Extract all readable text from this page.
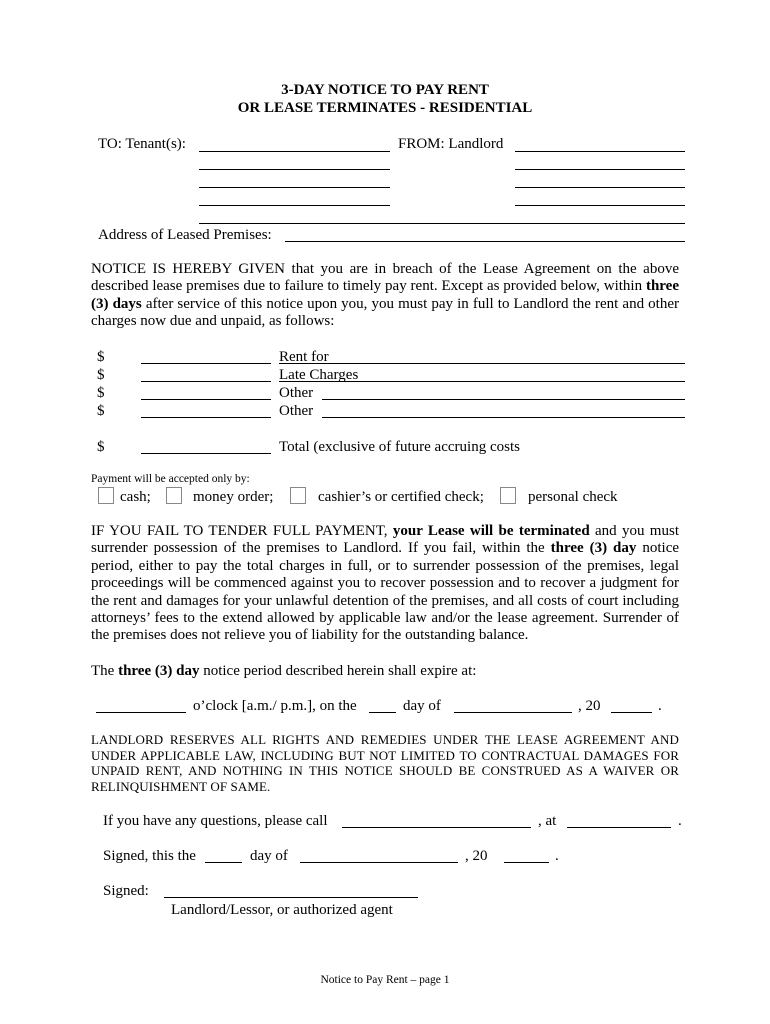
3-DAY NOTICE TO PAY RENT
OR LEASE TERMINATES - RESIDENTIAL
TO: Tenant(s):	FROM: Landlord
Address of Leased Premises:
NOTICE IS HEREBY GIVEN that you are in breach of the Lease Agreement on the above described lease premises due to failure to timely pay rent. Except as provided below, within three (3) days after service of this notice upon you, you must pay in full to Landlord the rent and other charges now due and unpaid, as follows:
$	Rent for
$	Late Charges
$	Other
$	Other
$	Total (exclusive of future accruing costs
Payment will be accepted only by:
cash;	money order;	cashier’s or certified check;	personal check
IF YOU FAIL TO TENDER FULL PAYMENT, your Lease will be terminated and you must surrender possession of the premises to Landlord. If you fail, within the three (3) day notice period, either to pay the total charges in full, or to surrender possession of the premises, legal proceedings will be commenced against you to recover possession and to recover a judgment for the rent and damages for your unlawful detention of the premises, and all costs of court including attorneys’ fees to the extend allowed by applicable law and/or the lease agreement. Surrender of the premises does not relieve you of liability for the outstanding balance.
The three (3) day notice period described herein shall expire at:
o’clock [a.m./ p.m.], on the	day of	, 20	.
LANDLORD RESERVES ALL RIGHTS AND REMEDIES UNDER THE LEASE AGREEMENT AND UNDER APPLICABLE LAW, INCLUDING BUT NOT LIMITED TO CONTRACTUAL DAMAGES FOR UNPAID RENT, AND NOTHING IN THIS NOTICE SHOULD BE CONSTRUED AS A WAIVER OR RELINQUISHMENT OF SAME.
If you have any questions, please call	, at	.
Signed, this the	day of	, 20	.
Signed:
Landlord/Lessor, or authorized agent
Notice to Pay Rent – page 1
